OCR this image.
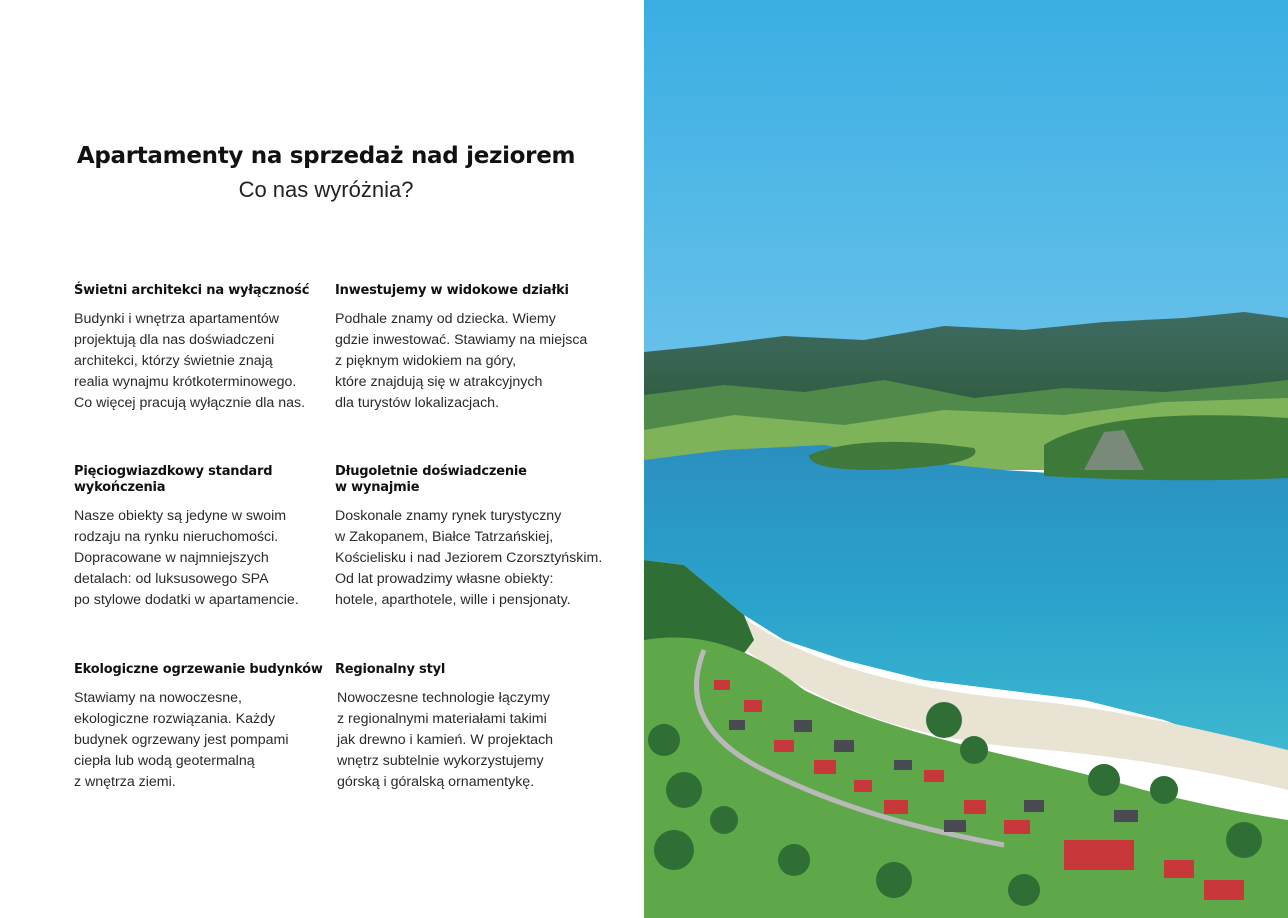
Apartamenty na sprzedaż nad jeziorem
Co nas wyróżnia?
Świetni architekci na wyłączność

Budynki i wnętrza apartamentów
projektują dla nas doświadczeni
architekci, którzy świetnie znają
realia wynajmu krótkoterminowego.
Co więcej pracują wyłącznie dla nas.

Inwestujemy w widokowe działki

Podhale znamy od dziecka. Wiemy
gdzie inwestować. Stawiamy na miejsca
z pięknym widokiem na góry,
które znajdują się w atrakcyjnych
dla turystów lokalizacjach.

Pięciogwiazdkowy standard
wykończenia

Nasze obiekty są jedyne w swoim
rodzaju na rynku nieruchomości.
Dopracowane w najmniejszych
detalach: od luksusowego SPA
po stylowe dodatki w apartamencie.

Długoletnie doświadczenie
w wynajmie

Doskonale znamy rynek turystyczny
w Zakopanem, Białce Tatrzańskiej,
Kościelisku i nad Jeziorem Czorsztyńskim.
Od lat prowadzimy własne obiekty:
hotele, aparthotele, wille i pensjonaty.

Ekologiczne ogrzewanie budynków

Stawiamy na nowoczesne,
ekologiczne rozwiązania. Każdy
budynek ogrzewany jest pompami
ciepła lub wodą geotermalną
z wnętrza ziemi.

Regionalny styl

Nowoczesne technologie łączymy
z regionalnymi materiałami takimi
jak drewno i kamień. W projektach
wnętrz subtelnie wykorzystujemy
górską i góralską ornamentykę.
